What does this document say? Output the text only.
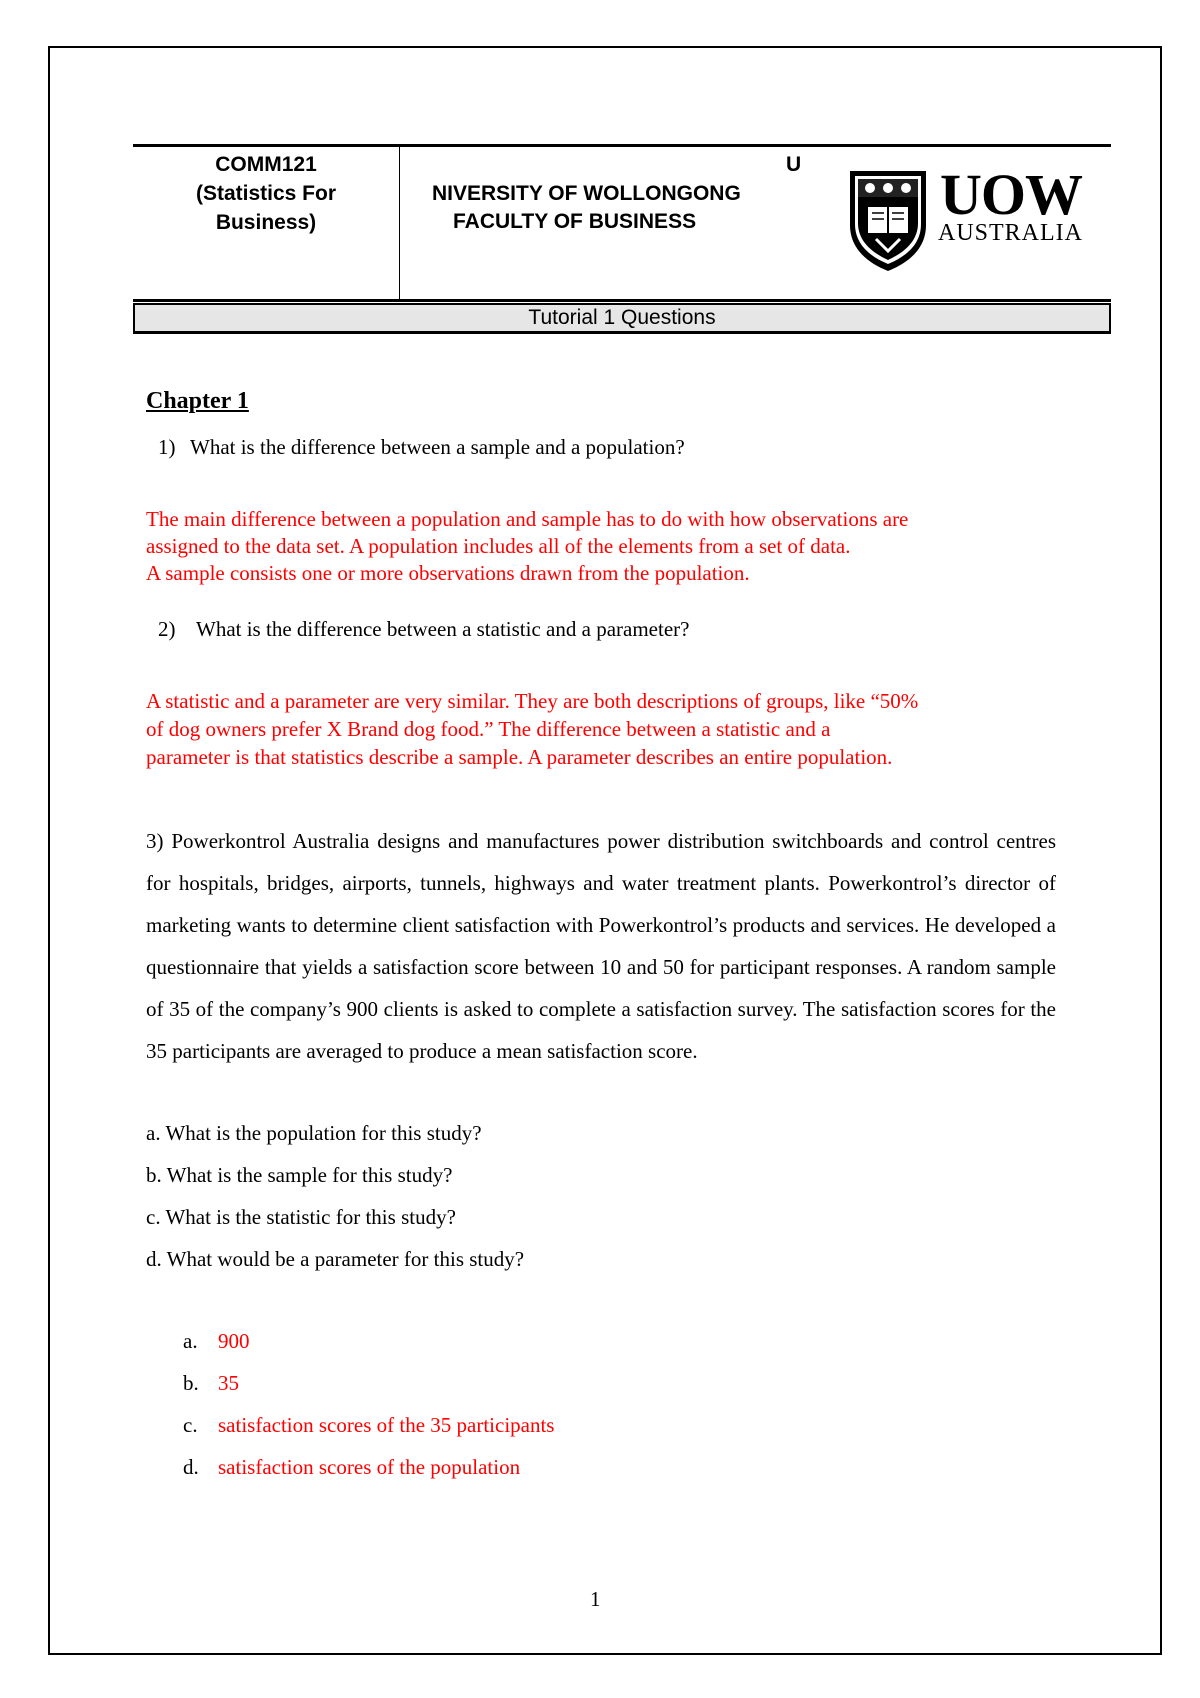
COMM121
(Statistics For
Business)
U
NIVERSITY OF WOLLONGONG
FACULTY OF BUSINESS	UOW
AUSTRALIA
Tutorial 1 Questions
Chapter 1
1) What is the difference between a sample and a population?
The main difference between a population and sample has to do with how observations are
assigned to the data set. A population includes all of the elements from a set of data.
A sample consists one or more observations drawn from the population.
2) What is the difference between a statistic and a parameter?
A statistic and a parameter are very similar. They are both descriptions of groups, like “50%
of dog owners prefer X Brand dog food.” The difference between a statistic and a
parameter is that statistics describe a sample. A parameter describes an entire population.
3) Powerkontrol Australia designs and manufactures power distribution switchboards and control centres for hospitals, bridges, airports, tunnels, highways and water treatment plants. Powerkontrol’s director of marketing wants to determine client satisfaction with Powerkontrol’s products and services. He developed a questionnaire that yields a satisfaction score between 10 and 50 for participant responses. A random sample of 35 of the company’s 900 clients is asked to complete a satisfaction survey. The satisfaction scores for the 35 participants are averaged to produce a mean satisfaction score.
a. What is the population for this study?
b. What is the sample for this study?
c. What is the statistic for this study?
d. What would be a parameter for this study?
a. 900
b. 35
c. satisfaction scores of the 35 participants
d. satisfaction scores of the population
1
